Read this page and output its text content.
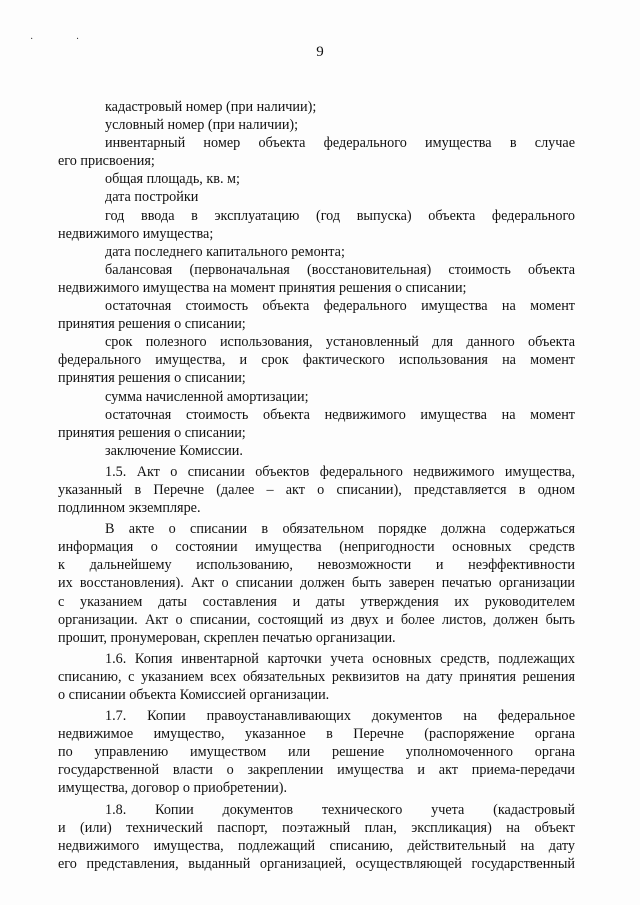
· ·
9
кадастровый номер (при наличии);
условный номер (при наличии);
инвентарный номер объекта федерального имущества в случае
его присвоения;
общая площадь, кв. м;
дата постройки
год ввода в эксплуатацию (год выпуска) объекта федерального
недвижимого имущества;
дата последнего капитального ремонта;
балансовая (первоначальная (восстановительная) стоимость объекта
недвижимого имущества на момент принятия решения о списании;
остаточная стоимость объекта федерального имущества на момент
принятия решения о списании;
срок полезного использования, установленный для данного объекта
федерального имущества, и срок фактического использования на момент
принятия решения о списании;
сумма начисленной амортизации;
остаточная стоимость объекта недвижимого имущества на момент
принятия решения о списании;
заключение Комиссии.
1.5. Акт о списании объектов федерального недвижимого имущества,
указанный в Перечне (далее – акт о списании), представляется в одном
подлинном экземпляре.
В акте о списании в обязательном порядке должна содержаться
информация о состоянии имущества (непригодности основных средств
к дальнейшему использованию, невозможности и неэффективности
их восстановления). Акт о списании должен быть заверен печатью организации
с указанием даты составления и даты утверждения их руководителем
организации. Акт о списании, состоящий из двух и более листов, должен быть
прошит, пронумерован, скреплен печатью организации.
1.6. Копия инвентарной карточки учета основных средств, подлежащих
списанию, с указанием всех обязательных реквизитов на дату принятия решения
о списании объекта Комиссией организации.
1.7. Копии правоустанавливающих документов на федеральное
недвижимое имущество, указанное в Перечне (распоряжение органа
по управлению имуществом или решение уполномоченного органа
государственной власти о закреплении имущества и акт приема-передачи
имущества, договор о приобретении).
1.8. Копии документов технического учета (кадастровый
и (или) технический паспорт, поэтажный план, экспликация) на объект
недвижимого имущества, подлежащий списанию, действительный на дату
его представления, выданный организацией, осуществляющей государственный
